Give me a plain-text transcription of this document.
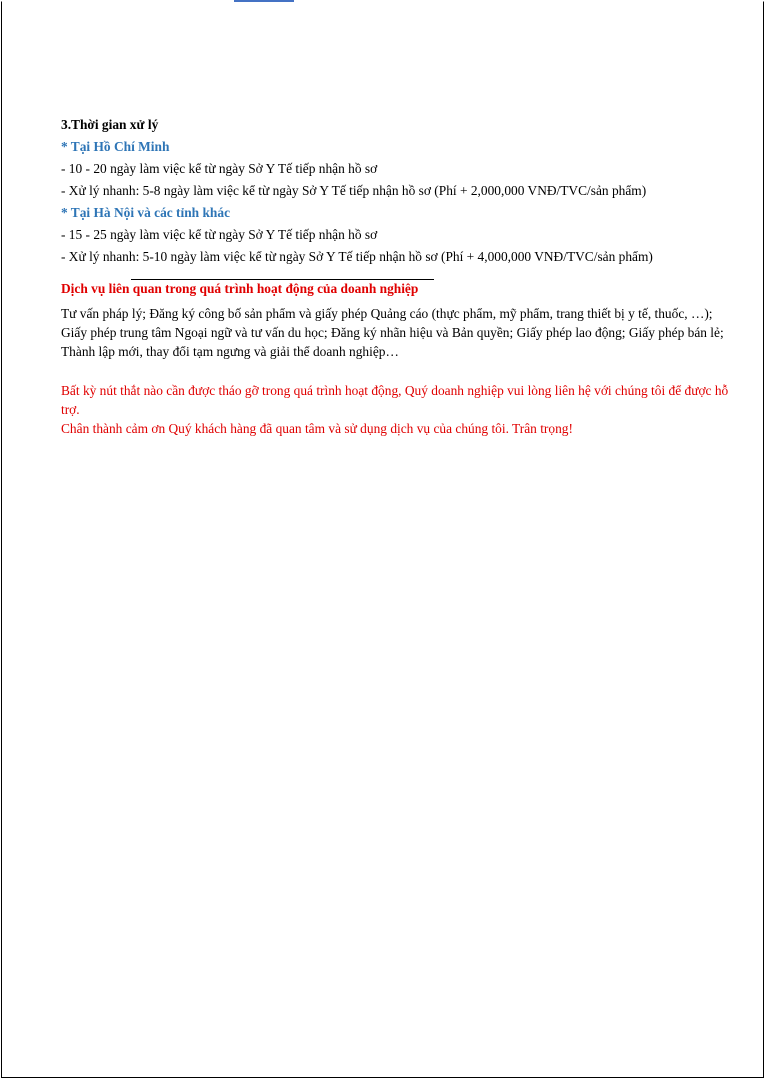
3.Thời gian xử lý
* Tại Hồ Chí Minh
- 10 - 20 ngày làm việc kể từ ngày Sở Y Tế tiếp nhận hồ sơ
- Xử lý nhanh: 5-8 ngày làm việc kể từ ngày Sở Y Tế tiếp nhận hồ sơ (Phí + 2,000,000 VNĐ/TVC/sản phẩm)
* Tại Hà Nội và các tỉnh khác
- 15 - 25 ngày làm việc kể từ ngày Sở Y Tế tiếp nhận hồ sơ
- Xử lý nhanh: 5-10 ngày làm việc kể từ ngày Sở Y Tế tiếp nhận hồ sơ (Phí + 4,000,000 VNĐ/TVC/sản phẩm)
Dịch vụ liên quan trong quá trình hoạt động của doanh nghiệp
Tư vấn pháp lý; Đăng ký công bố sản phẩm và giấy phép Quảng cáo (thực phẩm, mỹ phẩm, trang thiết bị y tế, thuốc, …); Giấy phép trung tâm Ngoại ngữ và tư vấn du học; Đăng ký nhãn hiệu và Bản quyền; Giấy phép lao động; Giấy phép bán lẻ; Thành lập mới, thay đổi tạm ngưng và giải thể doanh nghiệp…
Bất kỳ nút thắt nào cần được tháo gỡ trong quá trình hoạt động, Quý doanh nghiệp vui lòng liên hệ với chúng tôi để được hỗ trợ.
Chân thành cảm ơn Quý khách hàng đã quan tâm và sử dụng dịch vụ của chúng tôi. Trân trọng!
